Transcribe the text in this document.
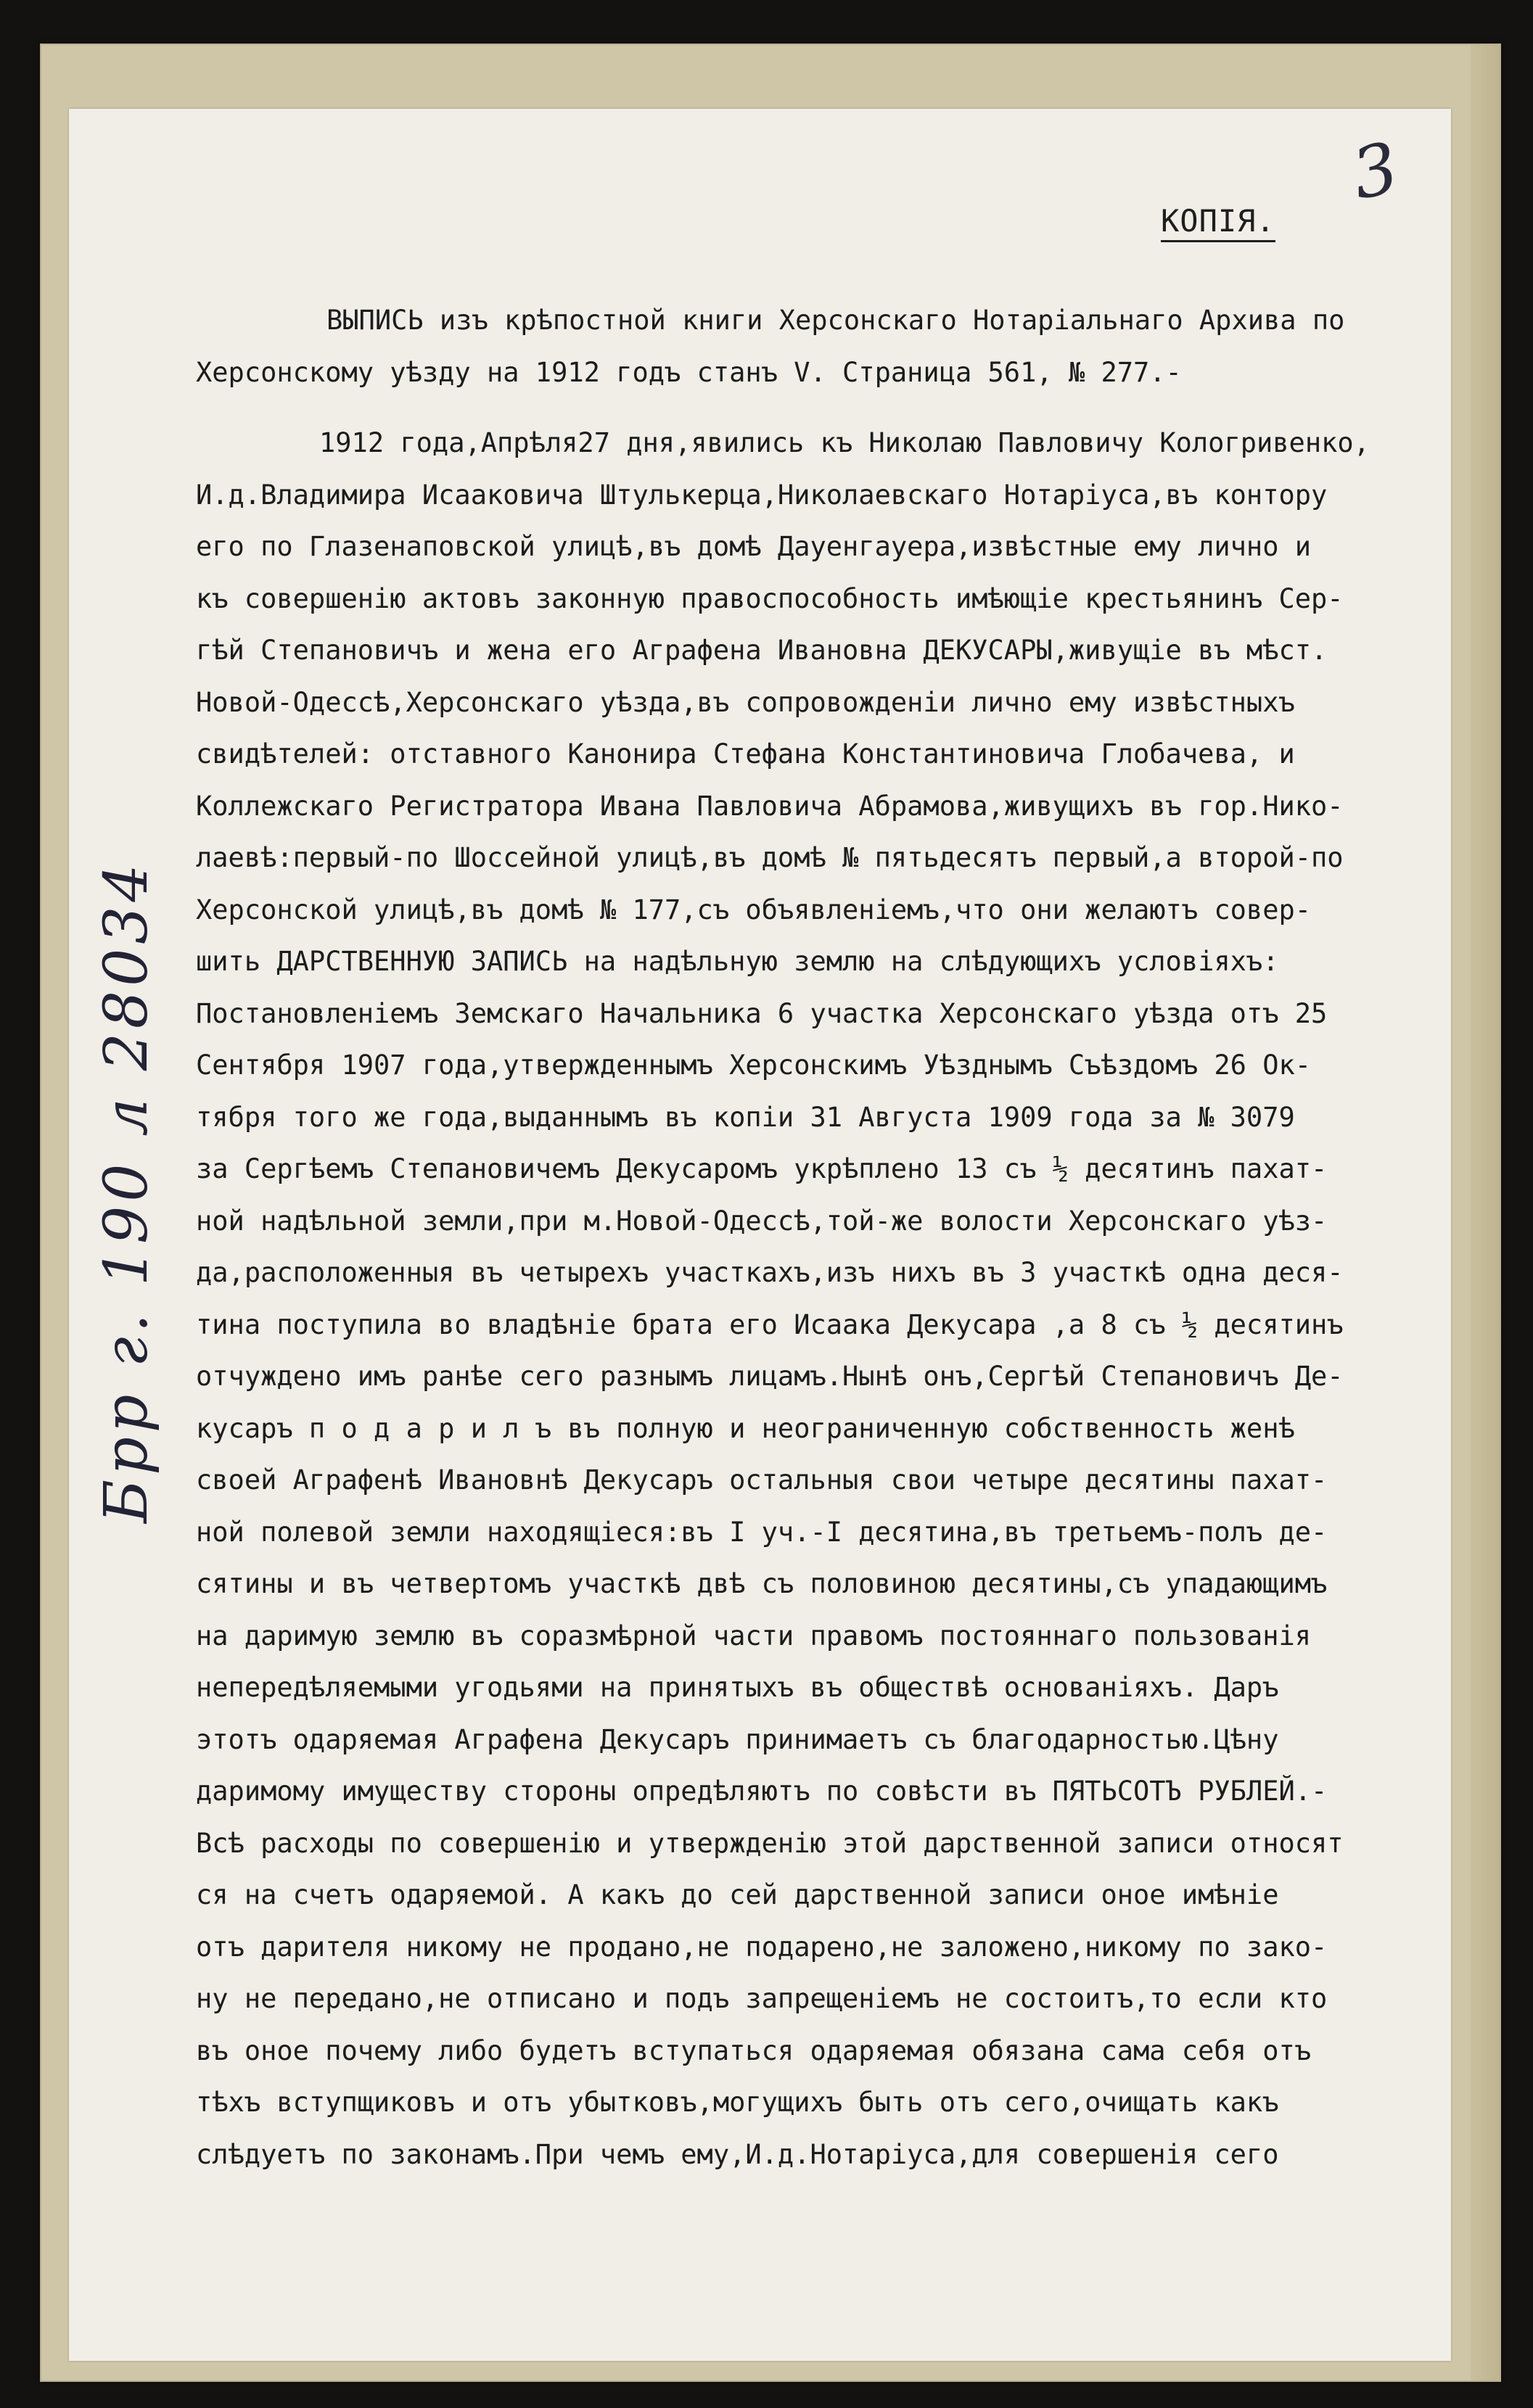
3
КОПIЯ.
ВЫПИСЬ изъ крѣпостной книги Херсонскаго Нотарiальнаго Архива по
Херсонскому уѣзду на 1912 годъ станъ V. Страница 561, № 277.-
1912 года,Апрѣля27 дня,явились къ Николаю Павловичу Кологривенко,
И.д.Владимира Исааковича Штулькерца,Николаевскаго Нотарiуса,въ контору
его по Глазенаповской улицѣ,въ домѣ Дауенгауера,извѣстные ему лично и
къ совершенiю актовъ законную правоспособность имѣющiе крестьянинъ Сер-
гѣй Степановичъ и жена его Аграфена Ивановна ДЕКУСАРЫ,живущiе въ мѣст.
Новой-Одессѣ,Херсонскаго уѣзда,въ сопровожденiи лично ему извѣстныхъ
свидѣтелей: отставного Канонира Стефана Константиновича Глобачева, и
Коллежскаго Регистратора Ивана Павловича Абрамова,живущихъ въ гор.Нико-
лаевѣ:первый-по Шоссейной улицѣ,въ домѣ № пятьдесятъ первый,а второй-по
Херсонской улицѣ,въ домѣ № 177,съ объявленiемъ,что они желаютъ совер-
шить ДАРСТВЕННУЮ ЗАПИСЬ на надѣльную землю на слѣдующихъ условiяхъ:
Постановленiемъ Земскаго Начальника 6 участка Херсонскаго уѣзда отъ 25
Сентября 1907 года,утвержденнымъ Херсонскимъ Уѣзднымъ Съѣздомъ 26 Ок-
тября того же года,выданнымъ въ копiи 31 Августа 1909 года за № 3079
за Сергѣемъ Степановичемъ Декусаромъ укрѣплено 13 съ ½ десятинъ пахат-
ной надѣльной земли,при м.Новой-Одессѣ,той-же волости Херсонскаго уѣз-
да,расположенныя въ четырехъ участкахъ,изъ нихъ въ 3 участкѣ одна деся-
тина поступила во владѣнiе брата его Исаака Декусара ,а 8 съ ½ десятинъ
отчуждено имъ ранѣе сего разнымъ лицамъ.Нынѣ онъ,Сергѣй Степановичъ Де-
кусаръ п о д а р и л ъ въ полную и неограниченную собственность женѣ
своей Аграфенѣ Ивановнѣ Декусаръ остальныя свои четыре десятины пахат-
ной полевой земли находящiеся:въ I уч.-I десятина,въ третьемъ-полъ де-
сятины и въ четвертомъ участкѣ двѣ съ половиною десятины,съ упадающимъ
на даримую землю въ соразмѣрной части правомъ постояннаго пользованiя
непередѣляемыми угодьями на принятыхъ въ обществѣ основанiяхъ. Даръ
этотъ одаряемая Аграфена Декусаръ принимаетъ съ благодарностью.Цѣну
даримому имуществу стороны опредѣляютъ по совѣсти въ ПЯТЬСОТЪ РУБЛЕЙ.-
Всѣ расходы по совершенiю и утвержденiю этой дарственной записи относят
ся на счетъ одаряемой. А какъ до сей дарственной записи оное имѣнiе
отъ дарителя никому не продано,не подарено,не заложено,никому по зако-
ну не передано,не отписано и подъ запрещенiемъ не состоитъ,то если кто
въ оное почему либо будетъ вступаться одаряемая обязана сама себя отъ
тѣхъ вступщиковъ и отъ убытковъ,могущихъ быть отъ сего,очищать какъ
слѣдуетъ по законамъ.При чемъ ему,И.д.Нотарiуса,для совершенiя сего
Брр г. 190 л 28034
